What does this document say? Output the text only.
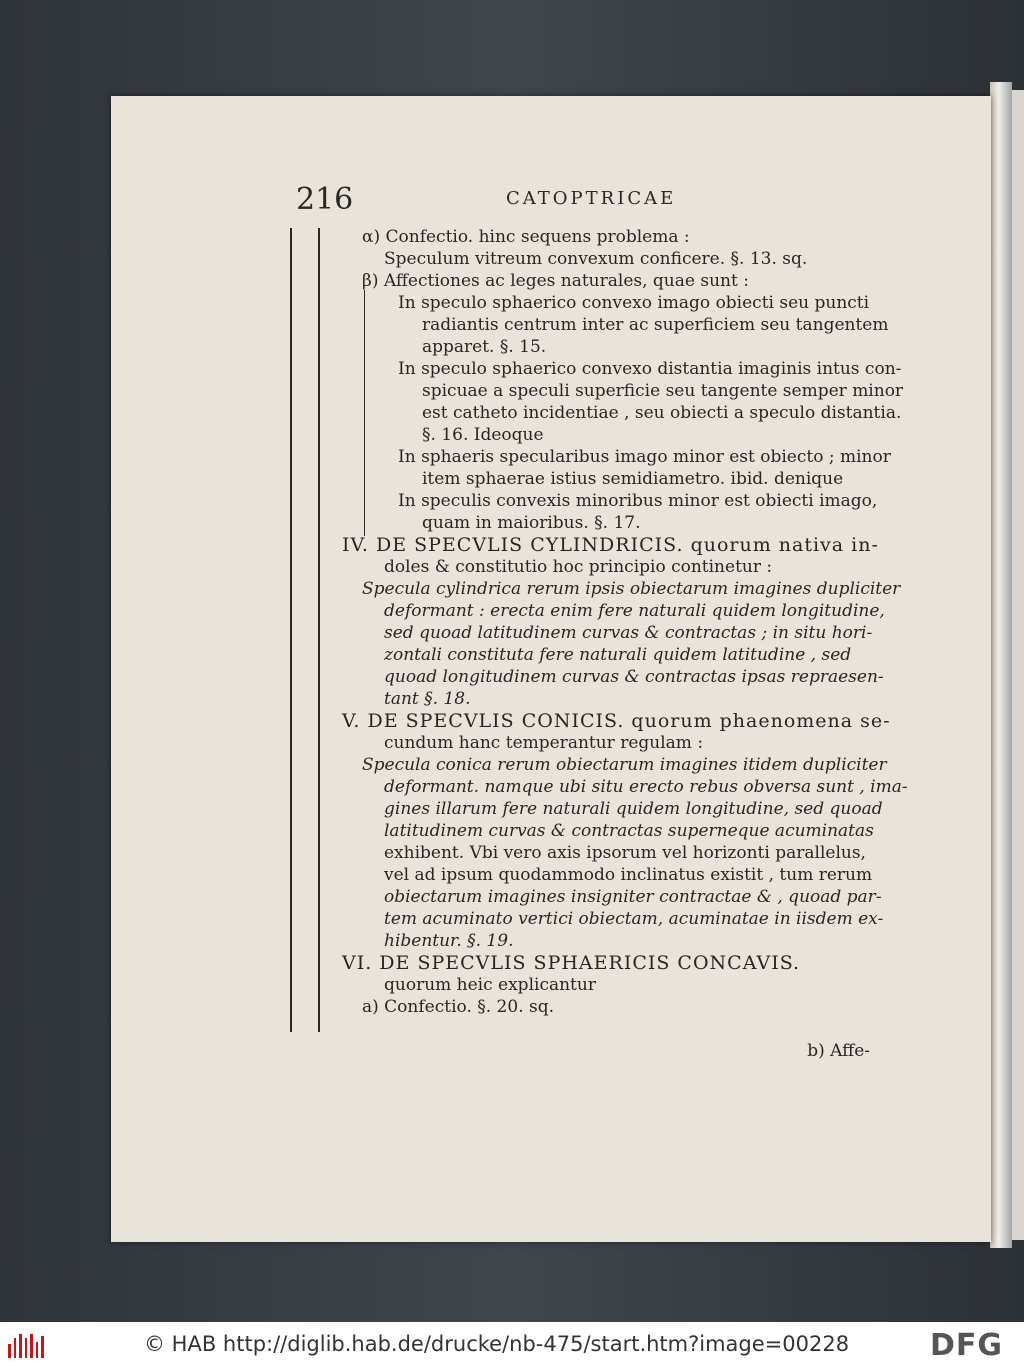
216	CATOPTRICAE
α) Confectio. hinc sequens problema :
Speculum vitreum convexum conficere. §. 13. sq.
β) Affectiones ac leges naturales, quae sunt :
In speculo sphaerico convexo imago obiecti seu puncti
radiantis centrum inter ac superficiem seu tangentem
apparet. §. 15.
In speculo sphaerico convexo distantia imaginis intus con-
spicuae a speculi superficie seu tangente semper minor
est catheto incidentiae , seu obiecti a speculo distantia.
§. 16. Ideoque
In sphaeris specularibus imago minor est obiecto ; minor
item sphaerae istius semidiametro. ibid. denique
In speculis convexis minoribus minor est obiecti imago,
quam in maioribus. §. 17.
IV. DE SPECVLIS CYLINDRICIS. quorum nativa in-
doles & constitutio hoc principio continetur :
Specula cylindrica rerum ipsis obiectarum imagines dupliciter
deformant : erecta enim fere naturali quidem longitudine,
sed quoad latitudinem curvas & contractas ; in situ hori-
zontali constituta fere naturali quidem latitudine , sed
quoad longitudinem curvas & contractas ipsas repraesen-
tant §. 18.
V. DE SPECVLIS CONICIS. quorum phaenomena se-
cundum hanc temperantur regulam :
Specula conica rerum obiectarum imagines itidem dupliciter
deformant. namque ubi situ erecto rebus obversa sunt , ima-
gines illarum fere naturali quidem longitudine, sed quoad
latitudinem curvas & contractas superneque acuminatas
exhibent. Vbi vero axis ipsorum vel horizonti parallelus,
vel ad ipsum quodammodo inclinatus existit , tum rerum
obiectarum imagines insigniter contractae & , quoad par-
tem acuminato vertici obiectam, acuminatae in iisdem ex-
hibentur. §. 19.
VI. DE SPECVLIS SPHAERICIS CONCAVIS.
quorum heic explicantur
a) Confectio. §. 20. sq.
b) Affe-
© HAB http://diglib.hab.de/drucke/nb-475/start.htm?image=00228	DFG
